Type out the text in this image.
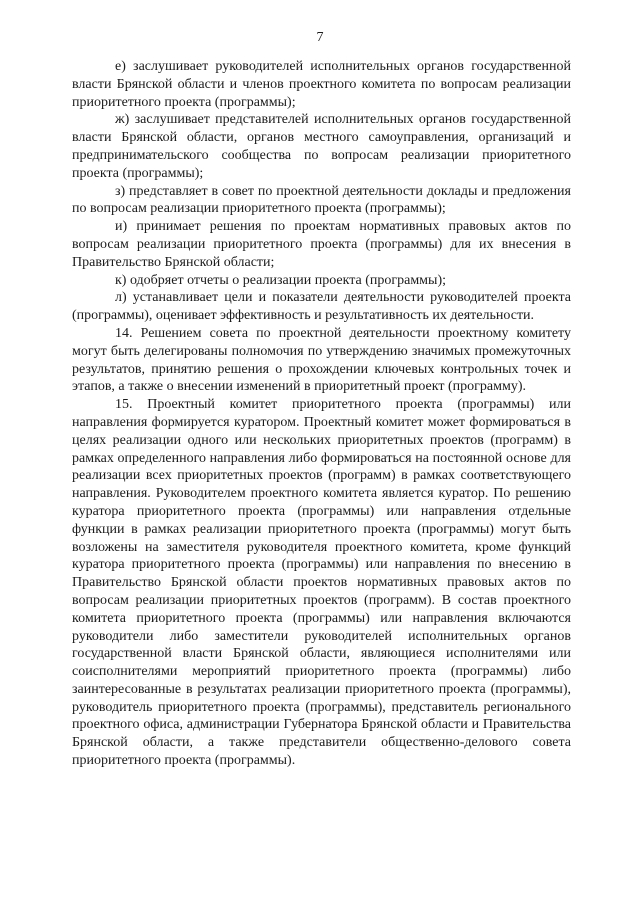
7

е) заслушивает руководителей исполнительных органов государственной власти Брянской области и членов проектного комитета по вопросам реализации приоритетного проекта (программы);

ж) заслушивает представителей исполнительных органов государственной власти Брянской области, органов местного самоуправления, организаций и предпринимательского сообщества по вопросам реализации приоритетного проекта (программы);

з) представляет в совет по проектной деятельности доклады и предложения по вопросам реализации приоритетного проекта (программы);

и) принимает решения по проектам нормативных правовых актов по вопросам реализации приоритетного проекта (программы) для их внесения в Правительство Брянской области;

к) одобряет отчеты о реализации проекта (программы);

л) устанавливает цели и показатели деятельности руководителей проекта (программы), оценивает эффективность и результативность их деятельности.

14. Решением совета по проектной деятельности проектному комитету могут быть делегированы полномочия по утверждению значимых промежуточных результатов, принятию решения о прохождении ключевых контрольных точек и этапов, а также о внесении изменений в приоритетный проект (программу).

15. Проектный комитет приоритетного проекта (программы) или направления формируется куратором. Проектный комитет может формироваться в целях реализации одного или нескольких приоритетных проектов (программ) в рамках определенного направления либо формироваться на постоянной основе для реализации всех приоритетных проектов (программ) в рамках соответствующего направления. Руководителем проектного комитета является куратор. По решению куратора приоритетного проекта (программы) или направления отдельные функции в рамках реализации приоритетного проекта (программы) могут быть возложены на заместителя руководителя проектного комитета, кроме функций куратора приоритетного проекта (программы) или направления по внесению в Правительство Брянской области проектов нормативных правовых актов по вопросам реализации приоритетных проектов (программ). В состав проектного комитета приоритетного проекта (программы) или направления включаются руководители либо заместители руководителей исполнительных органов государственной власти Брянской области, являющиеся исполнителями или соисполнителями мероприятий приоритетного проекта (программы) либо заинтересованные в результатах реализации приоритетного проекта (программы), руководитель приоритетного проекта (программы), представитель регионального проектного офиса, администрации Губернатора Брянской области и Правительства Брянской области, а также представители общественно-делового совета приоритетного проекта (программы).
